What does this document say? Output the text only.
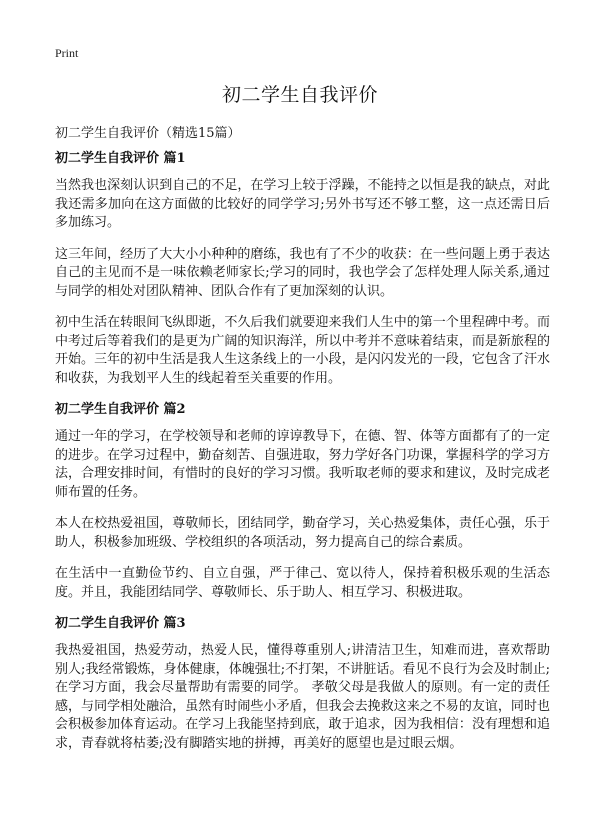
Print
初二学生自我评价
初二学生自我评价（精选15篇）
初二学生自我评价 篇1

当然我也深刻认识到自己的不足，在学习上较于浮躁，不能持之以恒是我的缺点，对此我还需多加向在这方面做的比较好的同学学习;另外书写还不够工整，这一点还需日后多加练习。

这三年间，经历了大大小小种种的磨练，我也有了不少的收获：在一些问题上勇于表达自己的主见而不是一味依赖老师家长;学习的同时，我也学会了怎样处理人际关系,通过与同学的相处对团队精神、团队合作有了更加深刻的认识。

初中生活在转眼间飞纵即逝，不久后我们就要迎来我们人生中的第一个里程碑中考。而中考过后等着我们的是更为广阔的知识海洋，所以中考并不意味着结束，而是新旅程的开始。三年的初中生活是我人生这条线上的一小段，是闪闪发光的一段，它包含了汗水和收获，为我划平人生的线起着至关重要的作用。

初二学生自我评价 篇2

通过一年的学习，在学校领导和老师的谆谆教导下，在德、智、体等方面都有了的一定的进步。在学习过程中，勤奋刻苦、自强进取，努力学好各门功课，掌握科学的学习方法，合理安排时间，有惜时的良好的学习习惯。我听取老师的要求和建议，及时完成老师布置的任务。

本人在校热爱祖国，尊敬师长，团结同学，勤奋学习，关心热爱集体，责任心强，乐于助人，积极参加班级、学校组织的各项活动，努力提高自己的综合素质。

在生活中一直勤俭节约、自立自强，严于律己、宽以待人，保持着积极乐观的生活态度。并且，我能团结同学、尊敬师长、乐于助人、相互学习、积极进取。

初二学生自我评价 篇3

我热爱祖国，热爱劳动，热爱人民，懂得尊重别人;讲清洁卫生，知难而进，喜欢帮助别人;我经常锻炼，身体健康，体魄强壮;不打架，不讲脏话。看见不良行为会及时制止;在学习方面，我会尽量帮助有需要的同学。 孝敬父母是我做人的原则。有一定的责任感，与同学相处融洽，虽然有时闹些小矛盾，但我会去挽救这来之不易的友谊，同时也会积极参加体育运动。在学习上我能坚持到底，敢于追求，因为我相信：没有理想和追求，青春就将枯萎;没有脚踏实地的拼搏，再美好的愿望也是过眼云烟。
